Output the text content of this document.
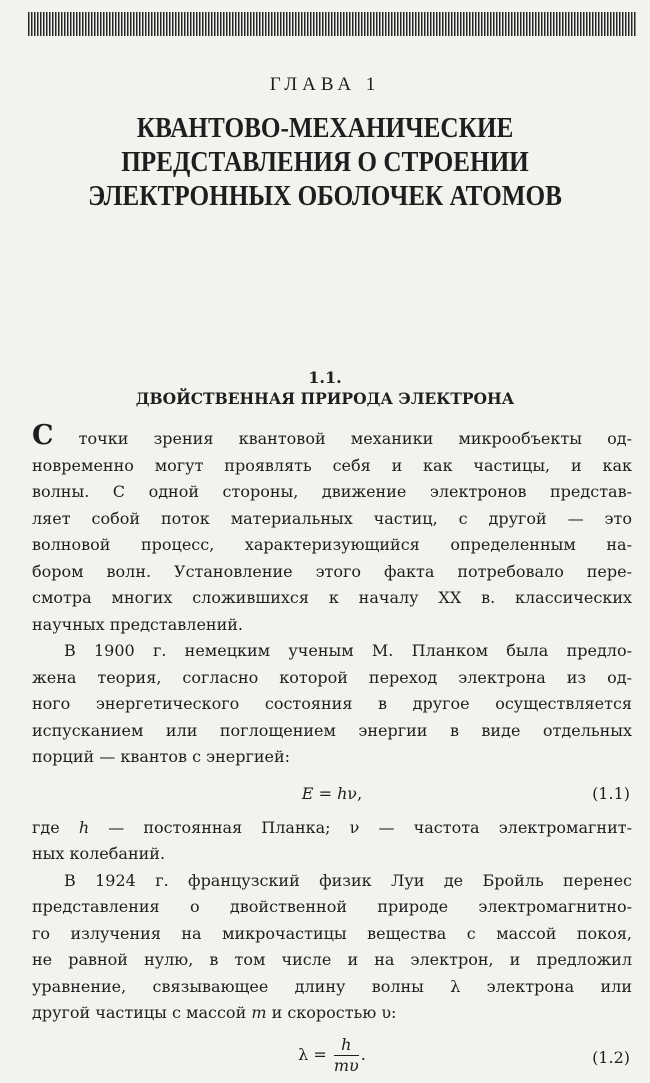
ГЛАВА 1
КВАНТОВО-МЕХАНИЧЕСКИЕ
ПРЕДСТАВЛЕНИЯ О СТРОЕНИИ
ЭЛЕКТРОННЫХ ОБОЛОЧЕК АТОМОВ
1.1.
ДВОЙСТВЕННАЯ ПРИРОДА ЭЛЕКТРОНА
С точки зрения квантовой механики микрообъекты од-
новременно могут проявлять себя и как частицы, и как
волны. С одной стороны, движение электронов представ-
ляет собой поток материальных частиц, с другой — это
волновой процесс, характеризующийся определенным на-
бором волн. Установление этого факта потребовало пере-
смотра многих сложившихся к началу XX в. классических
научных представлений.
В 1900 г. немецким ученым М. Планком была предло-
жена теория, согласно которой переход электрона из од-
ного энергетического состояния в другое осуществляется
испусканием или поглощением энергии в виде отдельных
порций — квантов с энергией:
E = hν,	(1.1)
где h — постоянная Планка; ν — частота электромагнит-
ных колебаний.
В 1924 г. французский физик Луи де Бройль перенес
представления о двойственной природе электромагнитно-
го излучения на микрочастицы вещества с массой покоя,
не равной нулю, в том числе и на электрон, и предложил
уравнение, связывающее длину волны λ электрона или
другой частицы с массой m и скоростью υ:
$\lambda = \frac{h}{m\upsilon}$ .	(1.2)
